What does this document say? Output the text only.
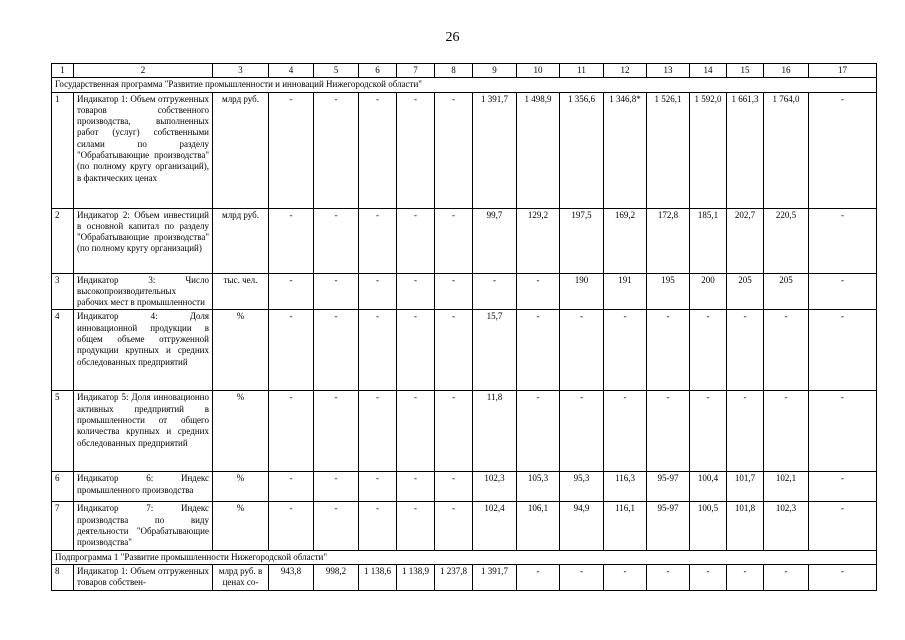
26
1	2	3	4	5	6	7	8	9	10	11	12	13	14	15	16	17
Государственная программа "Развитие промышленности и инноваций Нижегородской области"																
1	Индикатор 1: Объем отгруженных товаров собственного производства, выполненных работ (услуг) собственными силами по разделу "Обрабатывающие производства" (по полному кругу организаций), в фактических ценах	млрд руб.	-	-	-	-	-	1 391,7	1 498,9	1 356,6	1 346,8*	1 526,1	1 592,0	1 661,3	1 764,0	-
2	Индикатор 2: Объем инвестиций в основной капитал по разделу "Обрабатывающие производства" (по полному кругу организаций)	млрд руб.	-	-	-	-	-	99,7	129,2	197,5	169,2	172,8	185,1	202,7	220,5	-
3	Индикатор 3: Число высокопроизводительных рабочих мест в промышленности	тыс. чел.	-	-	-	-	-	-	-	190	191	195	200	205	205	-
4	Индикатор 4: Доля инновационной продукции в общем объеме отгруженной продукции крупных и средних обследованных предприятий	%	-	-	-	-	-	15,7	-	-	-	-	-	-	-	-
5	Индикатор 5: Доля инновационно активных предприятий в промышленности от общего количества крупных и средних обследованных предприятий	%	-	-	-	-	-	11,8	-	-	-	-	-	-	-	-
6	Индикатор 6: Индекс промышленного производства	%	-	-	-	-	-	102,3	105,3	95,3	116,3	95-97	100,4	101,7	102,1	-
7	Индикатор 7: Индекс производства по виду деятельности "Обрабатывающие производства"	%	-	-	-	-	-	102,4	106,1	94,9	116,1	95-97	100,5	101,8	102,3	-
Подпрограмма 1 "Развитие промышленности Нижегородской области"																
8	Индикатор 1: Объем отгруженных товаров собствен-	млрд руб. в ценах со-	943,8	998,2	1 138,6	1 138,9	1 237,8	1 391,7	-	-	-	-	-	-	-	-
